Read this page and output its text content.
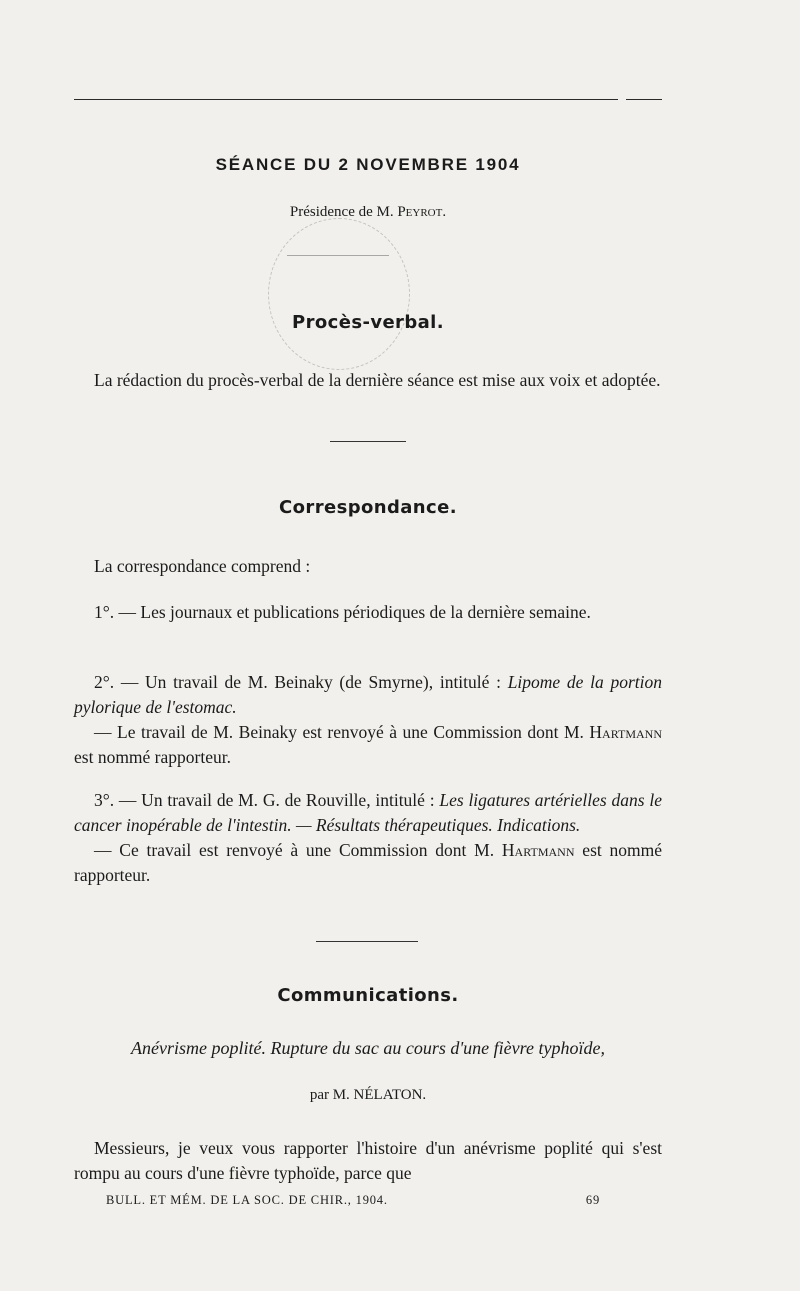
SÉANCE DU 2 NOVEMBRE 1904
Présidence de M. Peyrot.
Procès-verbal.
La rédaction du procès-verbal de la dernière séance est mise aux voix et adoptée.
Correspondance.
La correspondance comprend :
1°. — Les journaux et publications périodiques de la dernière semaine.
2°. — Un travail de M. Beinaky (de Smyrne), intitulé : Lipome de la portion pylorique de l'estomac.
— Le travail de M. Beinaky est renvoyé à une Commission dont M. Hartmann est nommé rapporteur.
3°. — Un travail de M. G. de Rouville, intitulé : Les ligatures artérielles dans le cancer inopérable de l'intestin. — Résultats thérapeutiques. Indications.
— Ce travail est renvoyé à une Commission dont M. Hartmann est nommé rapporteur.
Communications.
Anévrisme poplité. Rupture du sac au cours d'une fièvre typhoïde,
par M. NÉLATON.
Messieurs, je veux vous rapporter l'histoire d'un anévrisme poplité qui s'est rompu au cours d'une fièvre typhoïde, parce que
BULL. ET MÉM. DE LA SOC. DE CHIR., 1904.	69
